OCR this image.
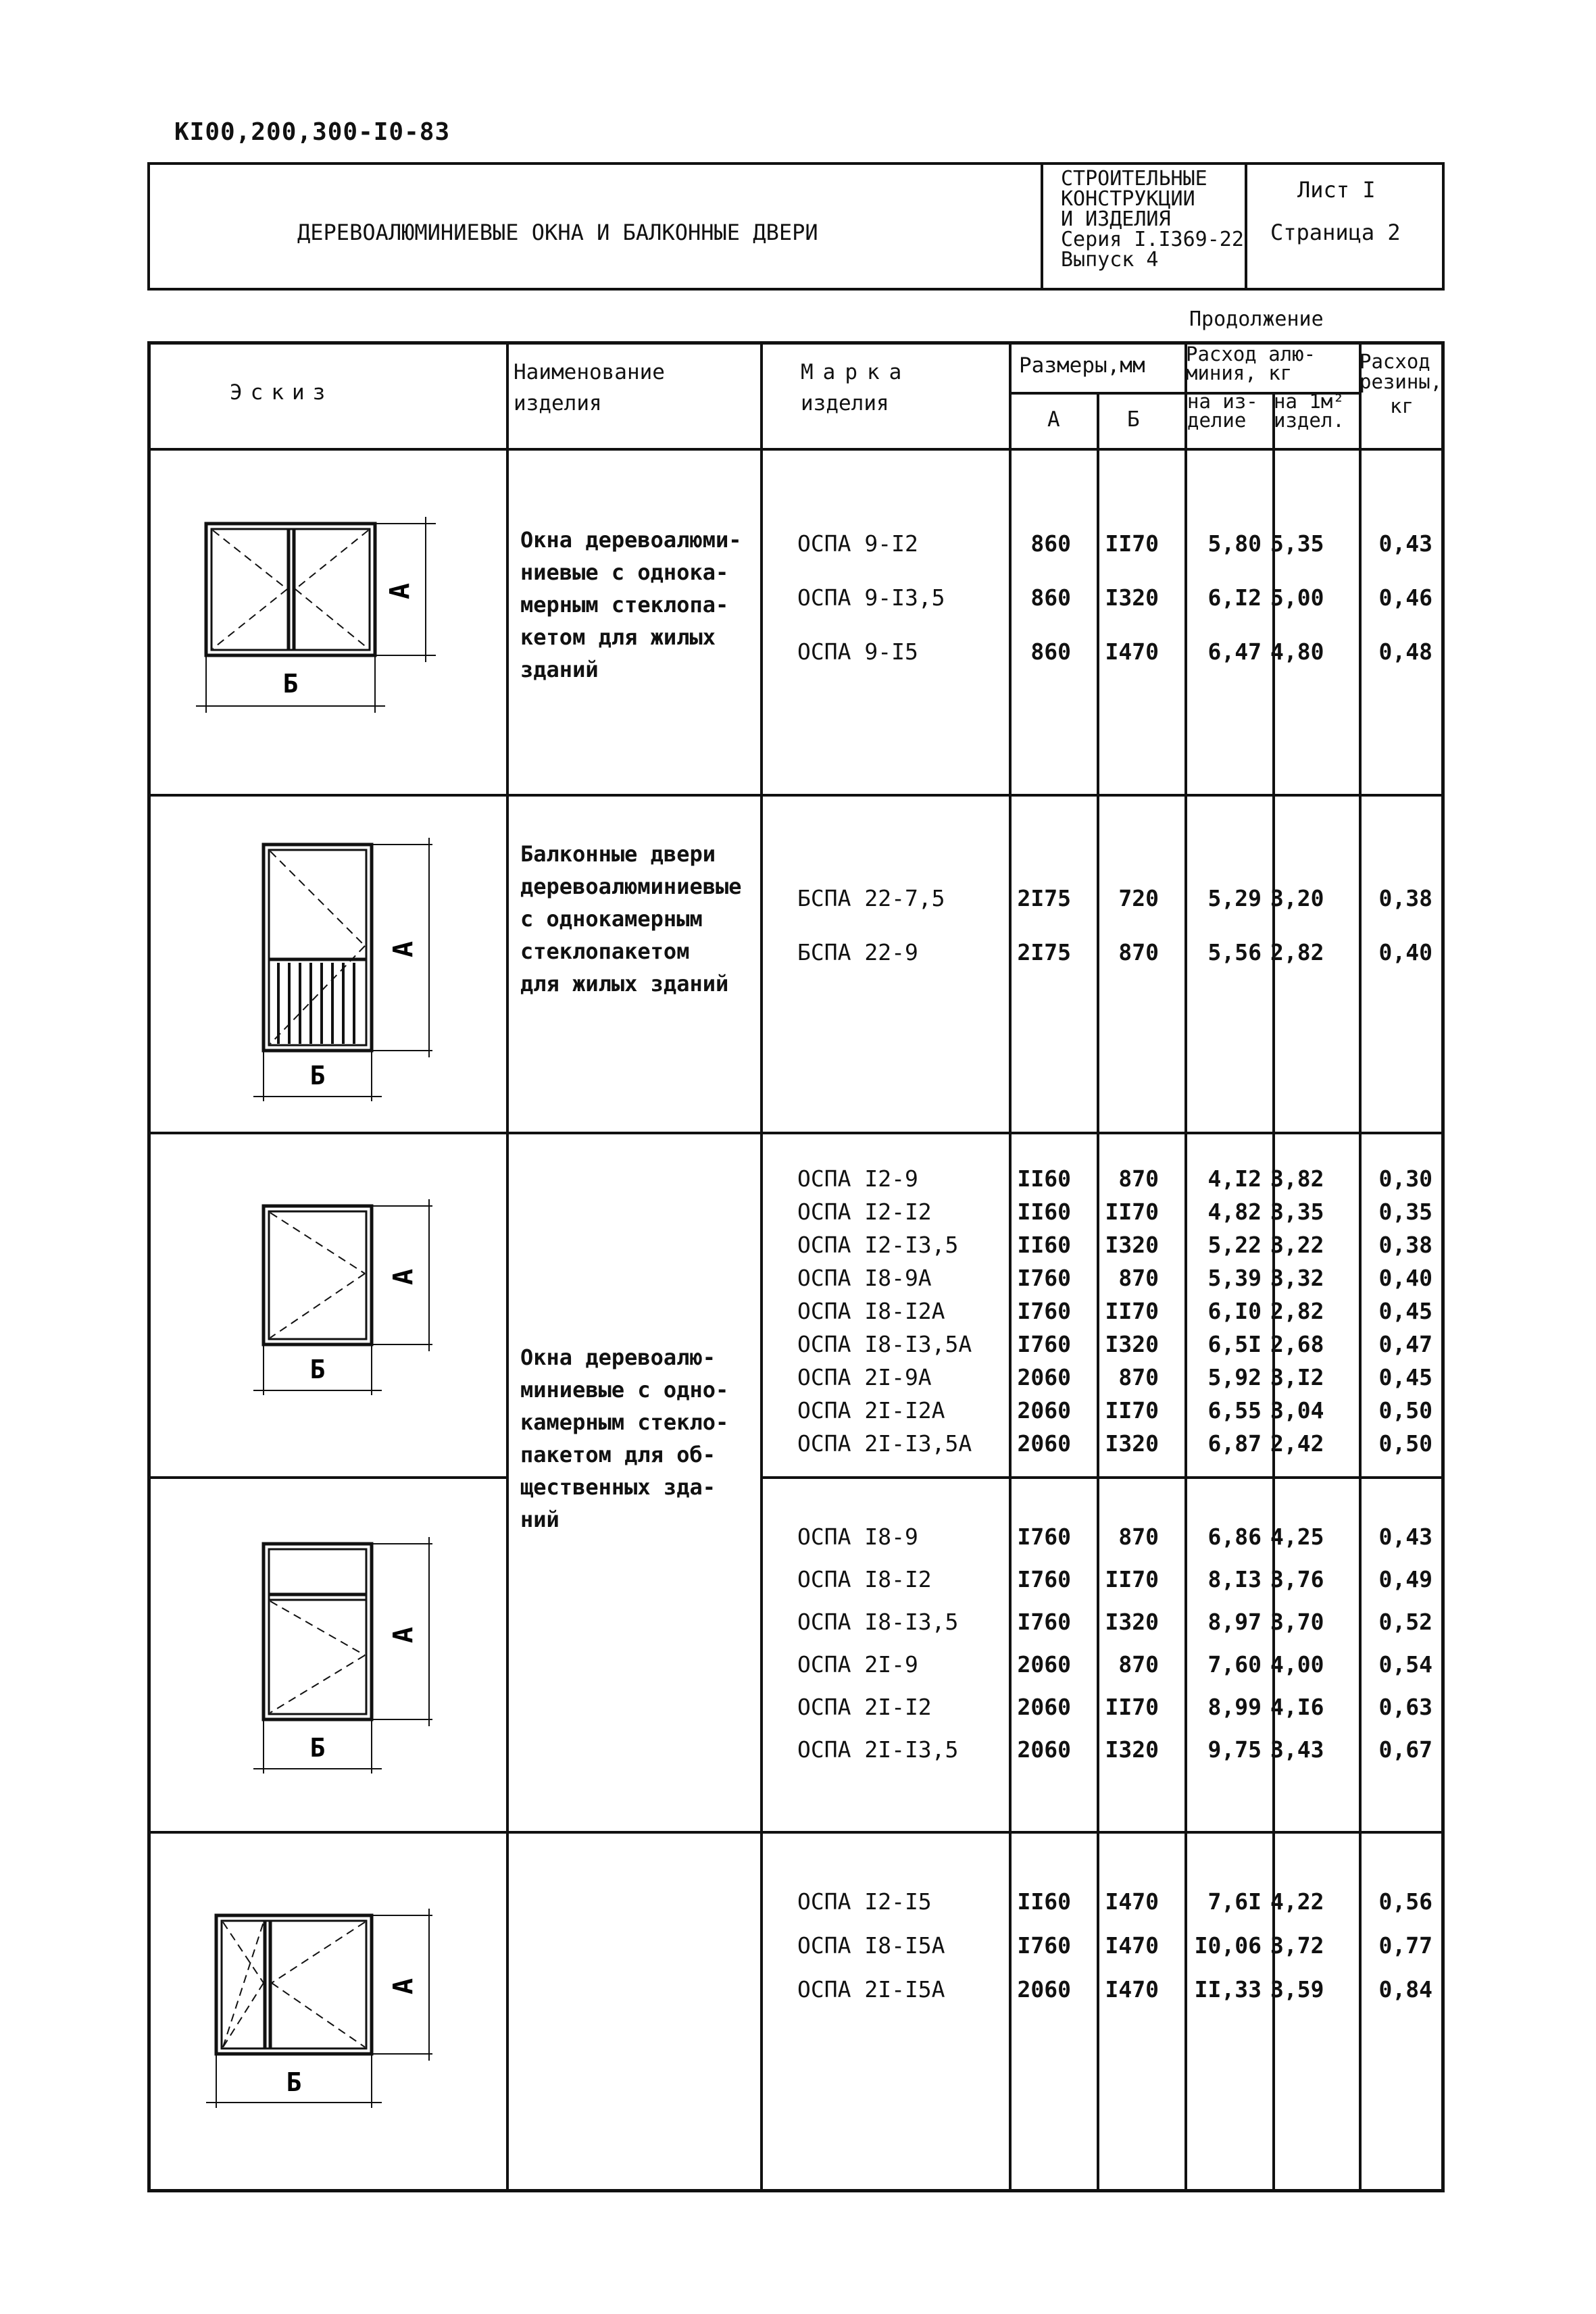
KI00,200,300-I0-83
ДЕРЕВОАЛЮМИНИЕВЫЕ ОКНА И БАЛКОННЫЕ ДВЕРИ
СТРОИТЕЛЬНЫЕ
КОНСТРУКЦИИ
И ИЗДЕЛИЯ
Серия I.I369-22
Выпуск 4
Лист I
Страница 2
Продолжение
Эскиз
Наименование
изделия
Марка
изделия
Размеры,мм
А	Б
Расход алю-
миния, кг
на из-
делие
на 1м²
издел.
Расход
резины,
кг
Окна деревоалюми-
ниевые с однока-
мерным стеклопа-
кетом для жилых
зданий
Балконные двери
деревоалюминиевые
с однокамерным
стеклопакетом
для жилых зданий
Окна деревоалю-
миниевые с одно-
камерным стекло-
пакетом для об-
щественных зда-
ний
ОСПА 9-I2	860	II70	5,80 5,35	0,43
ОСПА 9-I3,5	860	I320	6,I2 5,00	0,46
ОСПА 9-I5	860	I470	6,47 4,80	0,48
БСПА 22-7,5	2I75	720	5,29 3,20	0,38
БСПА 22-9	2I75	870	5,56 2,82	0,40
ОСПА I2-9	II60	870	4,I2 3,82	0,30
ОСПА I2-I2	II60	II70	4,82 3,35	0,35
ОСПА I2-I3,5	II60	I320	5,22 3,22	0,38
ОСПА I8-9А	I760	870	5,39 3,32	0,40
ОСПА I8-I2А	I760	II70	6,I0 2,82	0,45
ОСПА I8-I3,5А	I760	I320	6,5I 2,68	0,47
ОСПА 2I-9А	2060	870	5,92 3,I2	0,45
ОСПА 2I-I2А	2060	II70	6,55 3,04	0,50
ОСПА 2I-I3,5А	2060	I320	6,87 2,42	0,50
ОСПА I8-9	I760	870	6,86 4,25	0,43
ОСПА I8-I2	I760	II70	8,I3 3,76	0,49
ОСПА I8-I3,5	I760	I320	8,97 3,70	0,52
ОСПА 2I-9	2060	870	7,60 4,00	0,54
ОСПА 2I-I2	2060	II70	8,99 4,I6	0,63
ОСПА 2I-I3,5	2060	I320	9,75 3,43	0,67
ОСПА I2-I5	II60	I470	7,6I 4,22	0,56
ОСПА I8-I5А	I760	I470	I0,06 3,72	0,77
ОСПА 2I-I5А	2060	I470	II,33 3,59	0,84
А
Б
А
Б
А
Б
А
Б
А
Б
